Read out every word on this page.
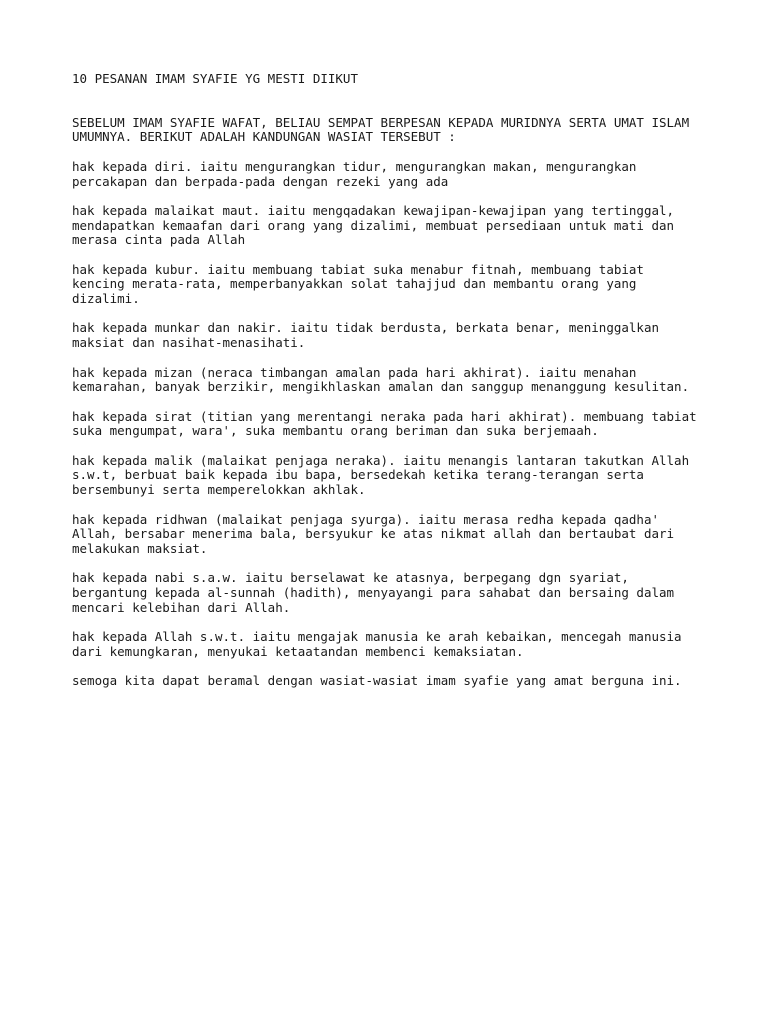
10 PESANAN IMAM SYAFIE YG MESTI DIIKUT

SEBELUM IMAM SYAFIE WAFAT, BELIAU SEMPAT BERPESAN KEPADA MURIDNYA SERTA UMAT ISLAM
UMUMNYA. BERIKUT ADALAH KANDUNGAN WASIAT TERSEBUT :

hak kepada diri. iaitu mengurangkan tidur, mengurangkan makan, mengurangkan
percakapan dan berpada-pada dengan rezeki yang ada

hak kepada malaikat maut. iaitu mengqadakan kewajipan-kewajipan yang tertinggal,
mendapatkan kemaafan dari orang yang dizalimi, membuat persediaan untuk mati dan
merasa cinta pada Allah

hak kepada kubur. iaitu membuang tabiat suka menabur fitnah, membuang tabiat
kencing merata-rata, memperbanyakkan solat tahajjud dan membantu orang yang
dizalimi.

hak kepada munkar dan nakir. iaitu tidak berdusta, berkata benar, meninggalkan
maksiat dan nasihat-menasihati.

hak kepada mizan (neraca timbangan amalan pada hari akhirat). iaitu menahan
kemarahan, banyak berzikir, mengikhlaskan amalan dan sanggup menanggung kesulitan.

hak kepada sirat (titian yang merentangi neraka pada hari akhirat). membuang tabiat
suka mengumpat, wara', suka membantu orang beriman dan suka berjemaah.

hak kepada malik (malaikat penjaga neraka). iaitu menangis lantaran takutkan Allah
s.w.t, berbuat baik kepada ibu bapa, bersedekah ketika terang-terangan serta
bersembunyi serta memperelokkan akhlak.

hak kepada ridhwan (malaikat penjaga syurga). iaitu merasa redha kepada qadha'
Allah, bersabar menerima bala, bersyukur ke atas nikmat allah dan bertaubat dari
melakukan maksiat.

hak kepada nabi s.a.w. iaitu berselawat ke atasnya, berpegang dgn syariat,
bergantung kepada al-sunnah (hadith), menyayangi para sahabat dan bersaing dalam
mencari kelebihan dari Allah.

hak kepada Allah s.w.t. iaitu mengajak manusia ke arah kebaikan, mencegah manusia
dari kemungkaran, menyukai ketaatandan membenci kemaksiatan.

semoga kita dapat beramal dengan wasiat-wasiat imam syafie yang amat berguna ini.
